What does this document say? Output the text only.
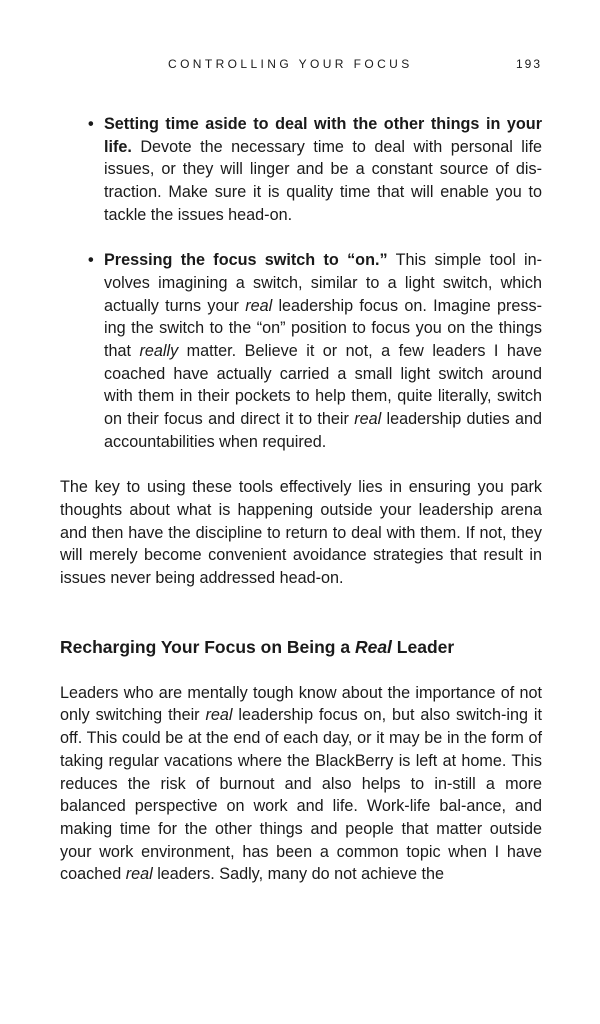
CONTROLLING YOUR FOCUS	193
• Setting time aside to deal with the other things in your life. Devote the necessary time to deal with personal life issues, or they will linger and be a constant source of dis-traction. Make sure it is quality time that will enable you to tackle the issues head-on.
• Pressing the focus switch to “on.” This simple tool in-volves imagining a switch, similar to a light switch, which actually turns your real leadership focus on. Imagine press-ing the switch to the “on” position to focus you on the things that really matter. Believe it or not, a few leaders I have coached have actually carried a small light switch around with them in their pockets to help them, quite literally, switch on their focus and direct it to their real leadership duties and accountabilities when required.

The key to using these tools effectively lies in ensuring you park thoughts about what is happening outside your leadership arena and then have the discipline to return to deal with them. If not, they will merely become convenient avoidance strategies that result in issues never being addressed head-on.

Recharging Your Focus on Being a Real Leader

Leaders who are mentally tough know about the importance of not only switching their real leadership focus on, but also switch-ing it off. This could be at the end of each day, or it may be in the form of taking regular vacations where the BlackBerry is left at home. This reduces the risk of burnout and also helps to in-still a more balanced perspective on work and life. Work-life bal-ance, and making time for the other things and people that matter outside your work environment, has been a common topic when I have coached real leaders. Sadly, many do not achieve the
